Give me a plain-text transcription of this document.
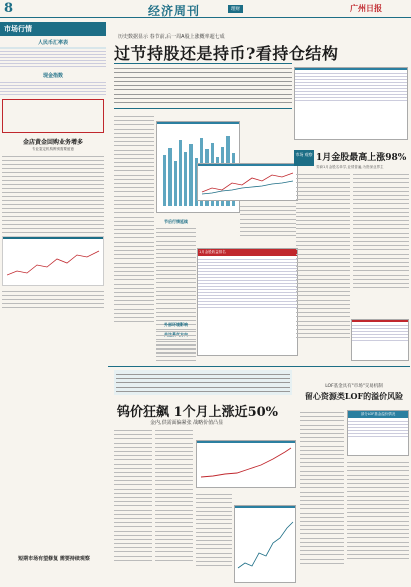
8	经济周刊	理财	广州日报
市场行情
人民币汇率表

现金指数

金店黄金回购业务增多
专业鉴定机构辨别需要留意
短期市场有望修复 需要持续观察
历史数据显示 春节前,后一周A股上涨概率超七成
过节持股还是持币?看持仓结构
节后行情延续
关注景气方向
1月金股收益排名

外部环境影响

市场 观察 1月金股最高上涨98%
券商1月金股名单学,业绩普遍,为资深业界主

钨价狂飙 1个月上涨近50%
金内,供需面偏紧张 战略价值凸显
LOF基金具有"市场"交易机制
留心资源类LOF的溢价风险
部分LOF基金溢价情况
